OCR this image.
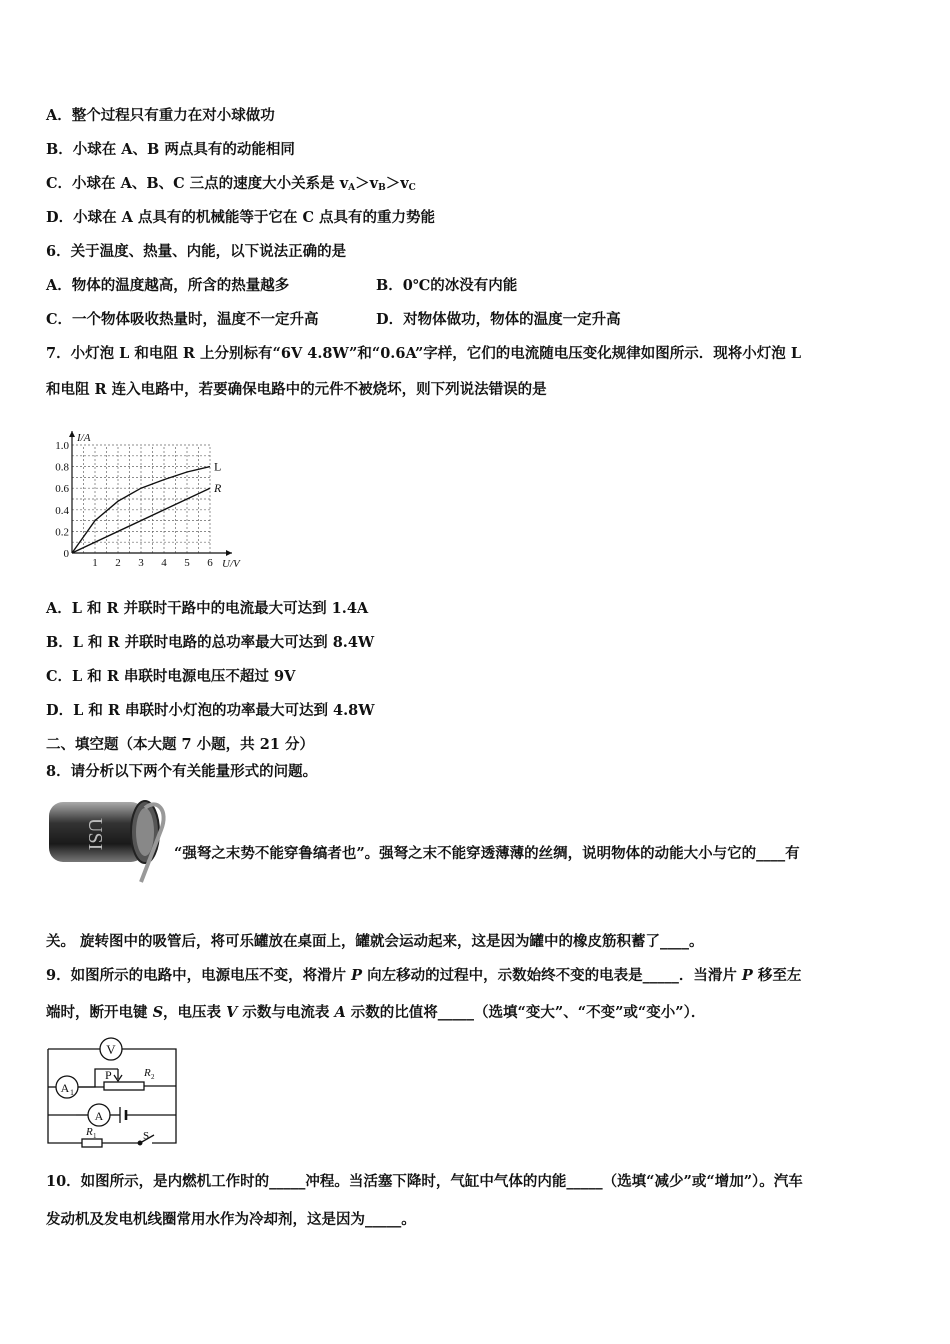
A．整个过程只有重力在对小球做功
B．小球在 A、B 两点具有的动能相同
C．小球在 A、B、C 三点的速度大小关系是 $v_A>v_B>v_C$
D．小球在 A 点具有的机械能等于它在 C 点具有的重力势能
6．关于温度、热量、内能，以下说法正确的是
A．物体的温度越高，所含的热量越多	B．0℃的冰没有内能
C．一个物体吸收热量时，温度不一定升高	D．对物体做功，物体的温度一定升高
7．小灯泡 L 和电阻 R 上分别标有“6V 4.8W”和“0.6A”字样，它们的电流随电压变化规律如图所示．现将小灯泡 L
和电阻 R 连入电路中，若要确保电路中的元件不被烧坏，则下列说法错误的是
I/A
U/V
1 2 3 4 5 6
0.2
0.4
0.6
0.8
1.0
0
L
R
A．L 和 R 并联时干路中的电流最大可达到 1.4A
B．L 和 R 并联时电路的总功率最大可达到 8.4W
C．L 和 R 串联时电源电压不超过 9V
D．L 和 R 串联时小灯泡的功率最大可达到 4.8W
二、填空题（本大题 7 小题，共 21 分）
8．请分析以下两个有关能量形式的问题。
USI
“强弩之末势不能穿鲁缟者也”。强弩之末不能穿透薄薄的丝绸，说明物体的动能大小与它的____有
关。 旋转图中的吸管后，将可乐罐放在桌面上，罐就会运动起来，这是因为罐中的橡皮筋积蓄了____。
9．如图所示的电路中，电源电压不变，将滑片 P 向左移动的过程中，示数始终不变的电表是_____．当滑片 P 移至左
端时，断开电键 S，电压表 V 示数与电流表 A 示数的比值将_____（选填“变大”、“不变”或“变小”）．
V
A 1
P	R 2
A
R 1	S
10．如图所示，是内燃机工作时的_____冲程。当活塞下降时，气缸中气体的内能_____（选填“减少”或“增加”）。汽车
发动机及发电机线圈常用水作为冷却剂，这是因为_____。
